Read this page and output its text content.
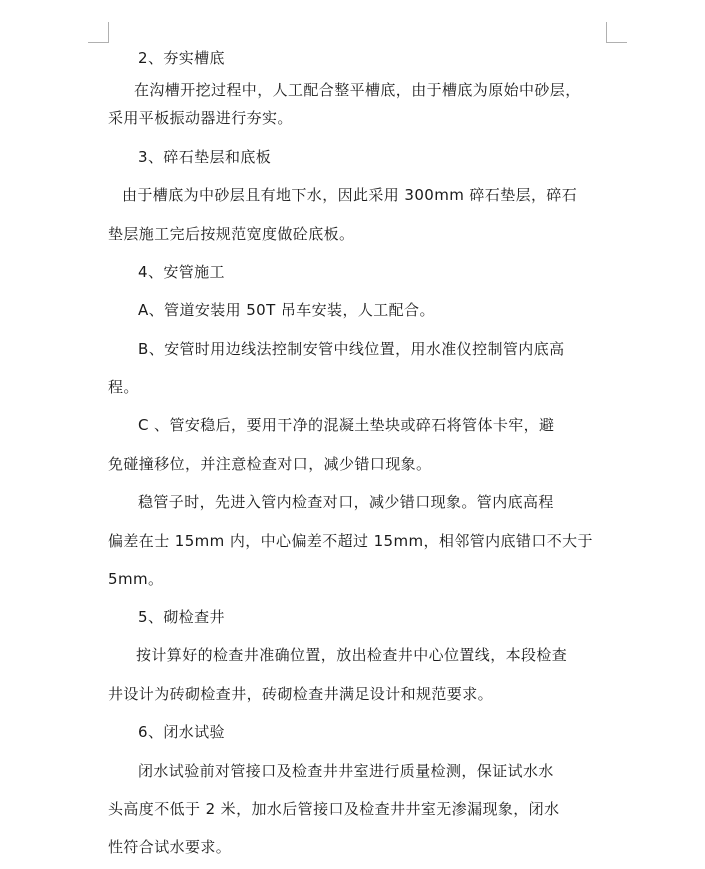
2、夯实槽底
在沟槽开挖过程中，人工配合整平槽底，由于槽底为原始中砂层，
采用平板振动器进行夯实。
3、碎石垫层和底板
由于槽底为中砂层且有地下水，因此采用 300mm 碎石垫层，碎石
垫层施工完后按规范宽度做砼底板。
4、安管施工
A、管道安装用 50T 吊车安装，人工配合。
B、安管时用边线法控制安管中线位置，用水准仪控制管内底高
程。
C 、管安稳后，要用干净的混凝土垫块或碎石将管体卡牢，避
免碰撞移位，并注意检查对口，减少错口现象。
稳管子时，先进入管内检查对口，减少错口现象。管内底高程
偏差在士 15mm 内，中心偏差不超过 15mm，相邻管内底错口不大于
5mm。
5、砌检查井
按计算好的检查井准确位置，放出检查井中心位置线，本段检查
井设计为砖砌检查井，砖砌检查井满足设计和规范要求。
6、闭水试验
闭水试验前对管接口及检查井井室进行质量检测，保证试水水
头高度不低于 2 米，加水后管接口及检查井井室无渗漏现象，闭水
性符合试水要求。
